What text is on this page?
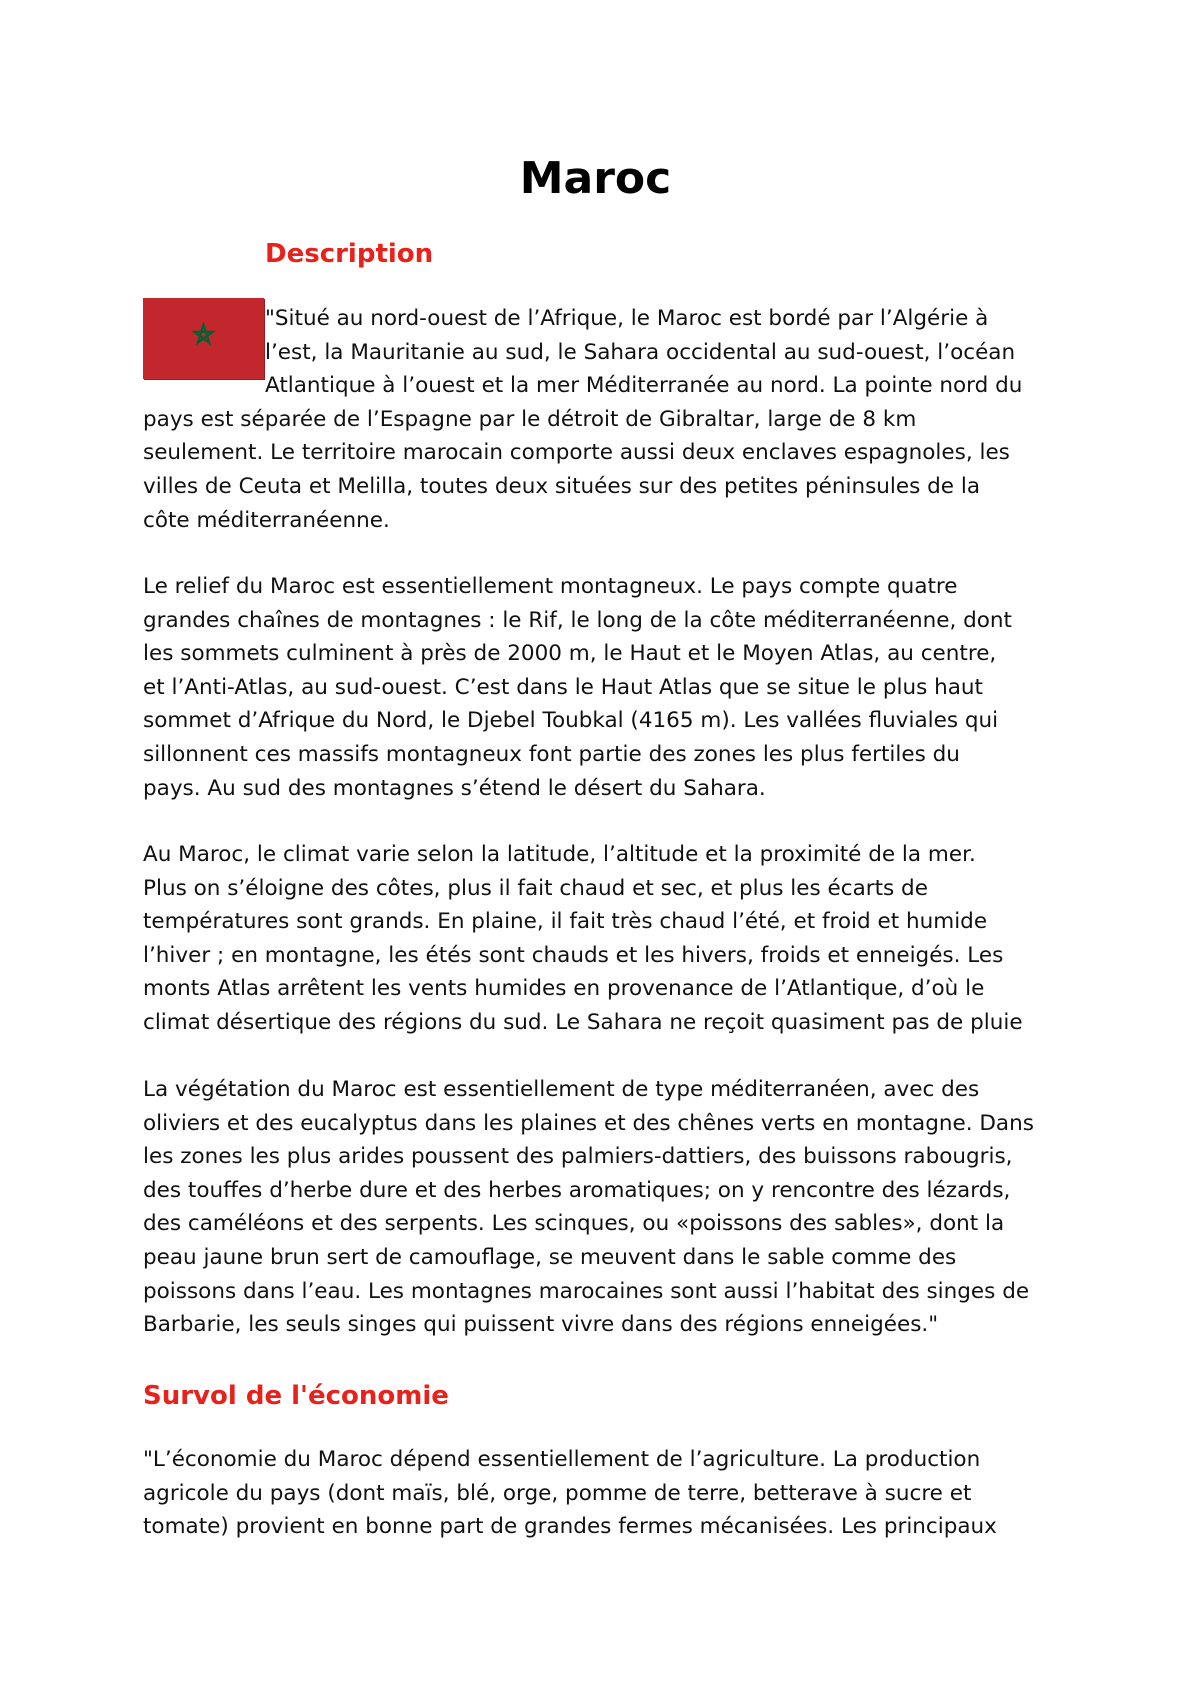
Maroc
Description
"Situé au nord-ouest de l’Afrique, le Maroc est bordé par l’Algérie à
l’est, la Mauritanie au sud, le Sahara occidental au sud-ouest, l’océan
Atlantique à l’ouest et la mer Méditerranée au nord. La pointe nord du
pays est séparée de l’Espagne par le détroit de Gibraltar, large de 8 km
seulement. Le territoire marocain comporte aussi deux enclaves espagnoles, les
villes de Ceuta et Melilla, toutes deux situées sur des petites péninsules de la
côte méditerranéenne.
Le relief du Maroc est essentiellement montagneux. Le pays compte quatre
grandes chaînes de montagnes : le Rif, le long de la côte méditerranéenne, dont
les sommets culminent à près de 2000 m, le Haut et le Moyen Atlas, au centre,
et l’Anti-Atlas, au sud-ouest. C’est dans le Haut Atlas que se situe le plus haut
sommet d’Afrique du Nord, le Djebel Toubkal (4165 m). Les vallées fluviales qui
sillonnent ces massifs montagneux font partie des zones les plus fertiles du
pays. Au sud des montagnes s’étend le désert du Sahara.
Au Maroc, le climat varie selon la latitude, l’altitude et la proximité de la mer.
Plus on s’éloigne des côtes, plus il fait chaud et sec, et plus les écarts de
températures sont grands. En plaine, il fait très chaud l’été, et froid et humide
l’hiver ; en montagne, les étés sont chauds et les hivers, froids et enneigés. Les
monts Atlas arrêtent les vents humides en provenance de l’Atlantique, d’où le
climat désertique des régions du sud. Le Sahara ne reçoit quasiment pas de pluie
La végétation du Maroc est essentiellement de type méditerranéen, avec des
oliviers et des eucalyptus dans les plaines et des chênes verts en montagne. Dans
les zones les plus arides poussent des palmiers-dattiers, des buissons rabougris,
des touffes d’herbe dure et des herbes aromatiques; on y rencontre des lézards,
des caméléons et des serpents. Les scinques, ou «poissons des sables», dont la
peau jaune brun sert de camouflage, se meuvent dans le sable comme des
poissons dans l’eau. Les montagnes marocaines sont aussi l’habitat des singes de
Barbarie, les seuls singes qui puissent vivre dans des régions enneigées."
Survol de l'économie
"L’économie du Maroc dépend essentiellement de l’agriculture. La production
agricole du pays (dont maïs, blé, orge, pomme de terre, betterave à sucre et
tomate) provient en bonne part de grandes fermes mécanisées. Les principaux
